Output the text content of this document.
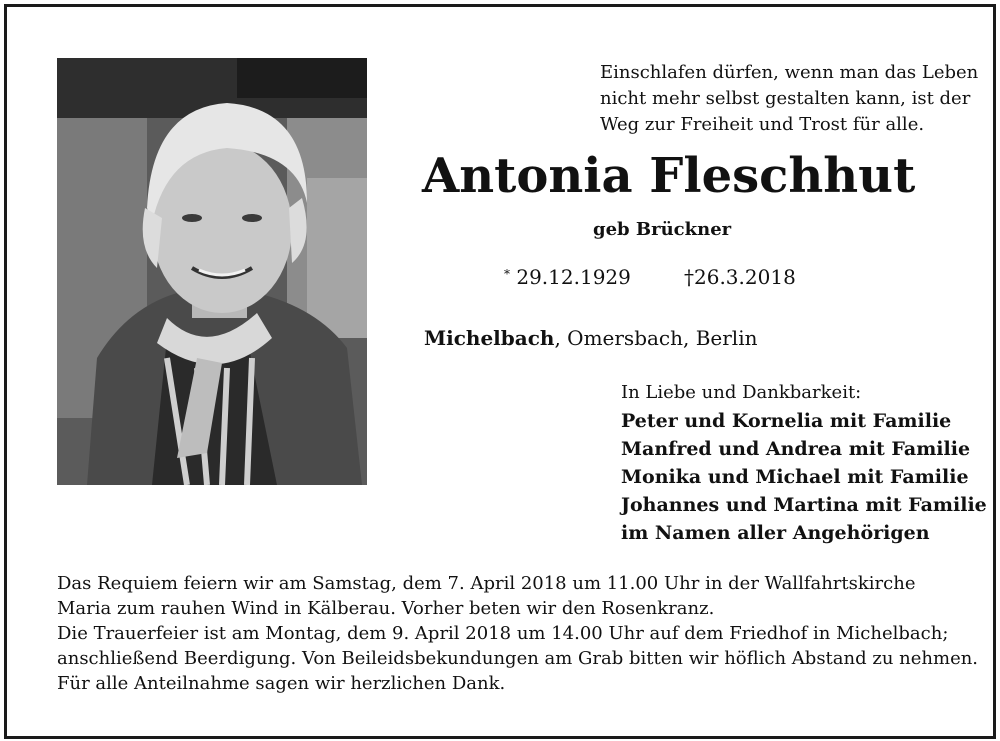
Einschlafen dürfen, wenn man das Leben
nicht mehr selbst gestalten kann, ist der
Weg zur Freiheit und Trost für alle.
Antonia Fleschhut
geb Brückner
* 29.12.1929	†26.3.2018
Michelbach, Omersbach, Berlin
In Liebe und Dankbarkeit:
Peter und Kornelia mit Familie
Manfred und Andrea mit Familie
Monika und Michael mit Familie
Johannes und Martina mit Familie
im Namen aller Angehörigen
Das Requiem feiern wir am Samstag, dem 7. April 2018 um 11.00 Uhr in der Wallfahrtskirche
Maria zum rauhen Wind in Kälberau. Vorher beten wir den Rosenkranz.
Die Trauerfeier ist am Montag, dem 9. April 2018 um 14.00 Uhr auf dem Friedhof in Michelbach;
anschließend Beerdigung. Von Beileidsbekundungen am Grab bitten wir höflich Abstand zu nehmen.
Für alle Anteilnahme sagen wir herzlichen Dank.
